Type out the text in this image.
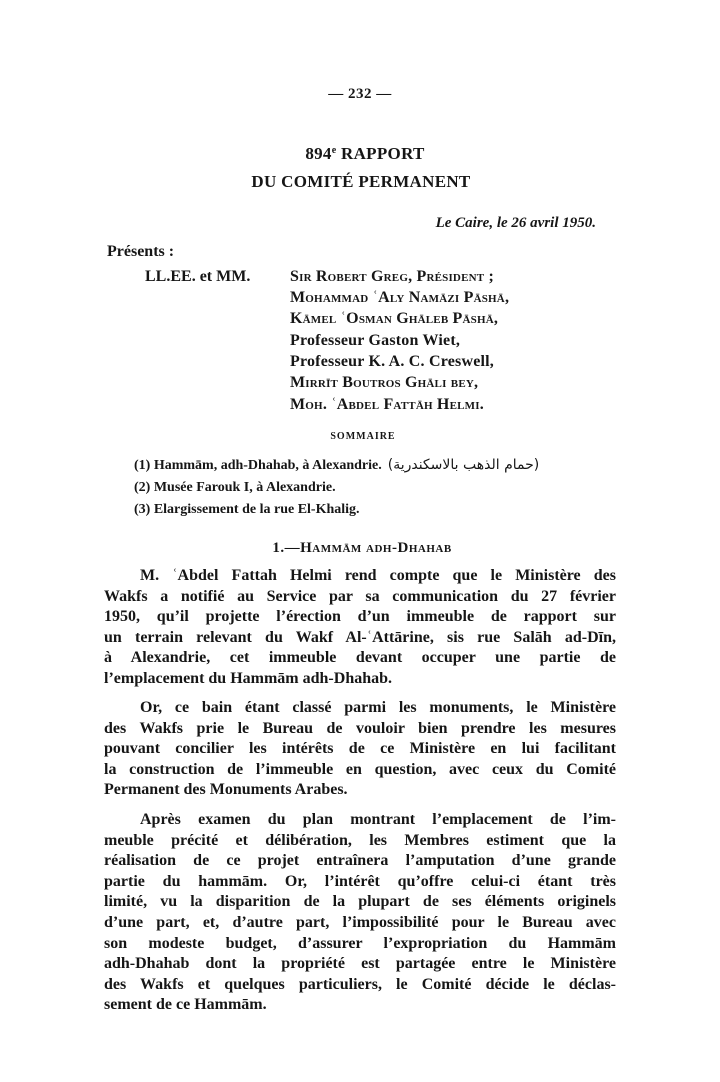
— 232 —
894e RAPPORT
DU COMITÉ PERMANENT
Le Caire, le 26 avril 1950.
Présents :
LL.EE. et MM. Sir Robert Greg, Président ;
Mohammad ʿAly Namāzi Pāshā,
Kāmel ʿOsman Ghāleb Pāshā,
Professeur Gaston Wiet,
Professeur K. A. C. Creswell,
Mirrīt Boutros Ghāli bey,
Moh. ʿAbdel Fattāh Helmi.
SOMMAIRE
(1) Hammām, adh-Dhahab, à Alexandrie. (حمام الذهب بالاسكندرية)
(2) Musée Farouk I, à Alexandrie.
(3) Elargissement de la rue El-Khalig.
1.—Hammām adh-Dhahab
M. ʿAbdel Fattah Helmi rend compte que le Ministère des
Wakfs a notifié au Service par sa communication du 27 février
1950, qu’il projette l’érection d’un immeuble de rapport sur
un terrain relevant du Wakf Al-ʿAttārine, sis rue Salāh ad-Dīn,
à Alexandrie, cet immeuble devant occuper une partie de
l’emplacement du Hammām adh-Dhahab.
Or, ce bain étant classé parmi les monuments, le Ministère
des Wakfs prie le Bureau de vouloir bien prendre les mesures
pouvant concilier les intérêts de ce Ministère en lui facilitant
la construction de l’immeuble en question, avec ceux du Comité
Permanent des Monuments Arabes.
Après examen du plan montrant l’emplacement de l’im-
meuble précité et délibération, les Membres estiment que la
réalisation de ce projet entraînera l’amputation d’une grande
partie du hammām. Or, l’intérêt qu’offre celui-ci étant très
limité, vu la disparition de la plupart de ses éléments originels
d’une part, et, d’autre part, l’impossibilité pour le Bureau avec
son modeste budget, d’assurer l’expropriation du Hammām
adh-Dhahab dont la propriété est partagée entre le Ministère
des Wakfs et quelques particuliers, le Comité décide le déclas-
sement de ce Hammām.
